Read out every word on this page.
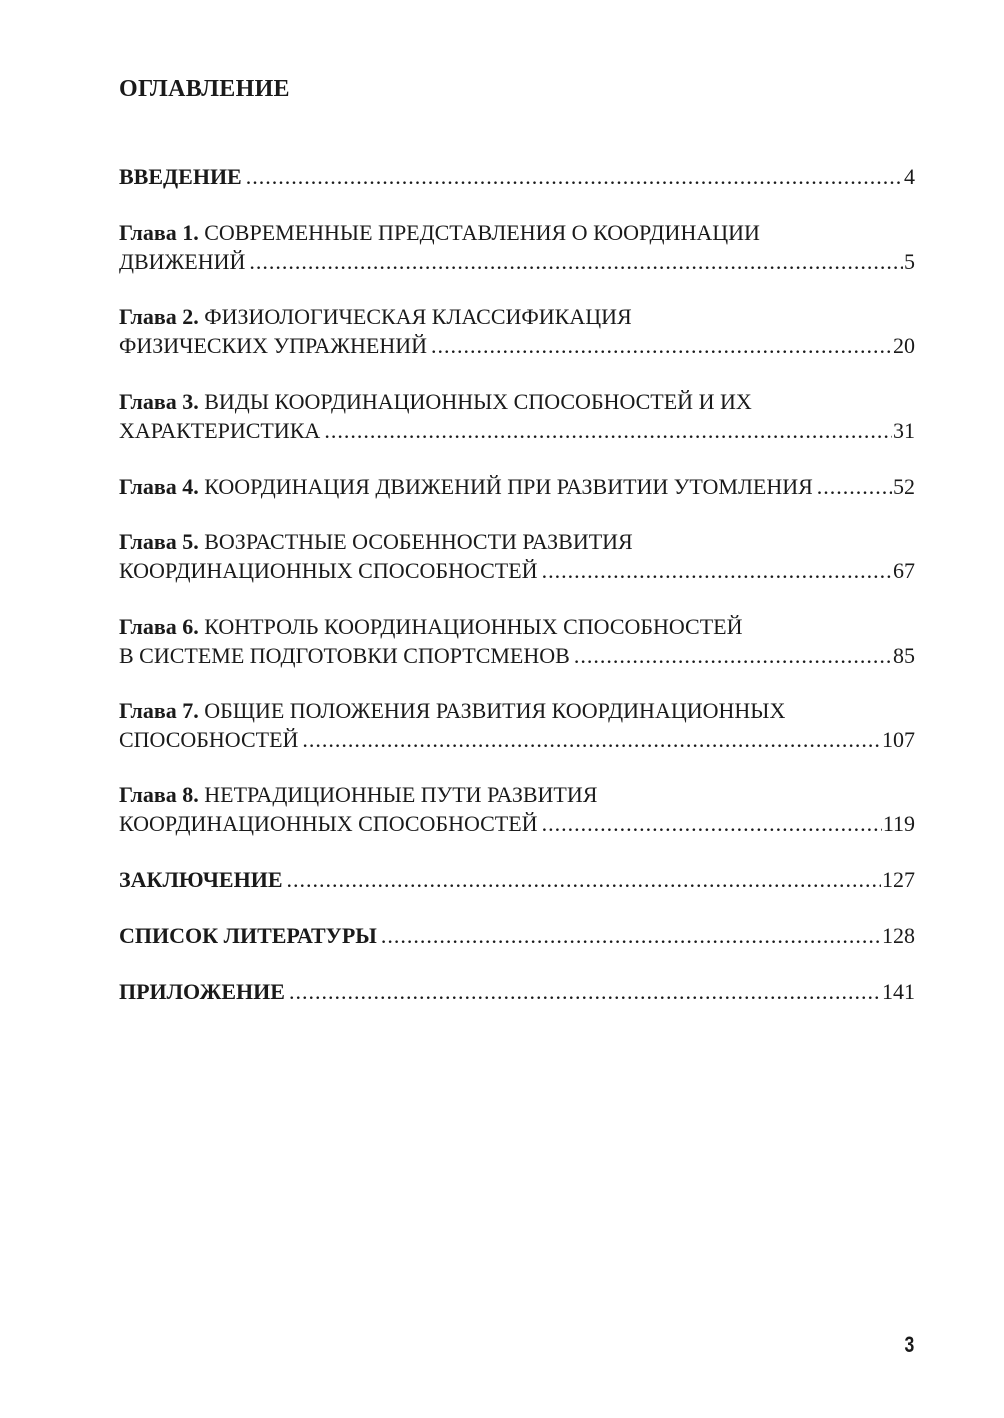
ОГЛАВЛЕНИЕ
ВВЕДЕНИЕ .....	4
Глава 1.
СОВРЕМЕННЫЕ ПРЕДСТАВЛЕНИЯ О КООРДИНАЦИИ
ДВИЖЕНИЙ .....	5
Глава 2.
ФИЗИОЛОГИЧЕСКАЯ КЛАССИФИКАЦИЯ
ФИЗИЧЕСКИХ УПРАЖНЕНИЙ .....	20
Глава 3.
ВИДЫ КООРДИНАЦИОННЫХ СПОСОБНОСТЕЙ И ИХ
ХАРАКТЕРИСТИКА .....	31
Глава 4.
КООРДИНАЦИЯ ДВИЖЕНИЙ ПРИ РАЗВИТИИ УТОМЛЕНИЯ .....	52
Глава 5.
ВОЗРАСТНЫЕ ОСОБЕННОСТИ РАЗВИТИЯ
КООРДИНАЦИОННЫХ СПОСОБНОСТЕЙ .....	67
Глава 6.
КОНТРОЛЬ КООРДИНАЦИОННЫХ СПОСОБНОСТЕЙ
В СИСТЕМЕ ПОДГОТОВКИ СПОРТСМЕНОВ .....	85
Глава 7.
ОБЩИЕ ПОЛОЖЕНИЯ РАЗВИТИЯ КООРДИНАЦИОННЫХ
СПОСОБНОСТЕЙ .....	107
Глава 8.
НЕТРАДИЦИОННЫЕ ПУТИ РАЗВИТИЯ
КООРДИНАЦИОННЫХ СПОСОБНОСТЕЙ .....	119
ЗАКЛЮЧЕНИЕ .....	127
СПИСОК ЛИТЕРАТУРЫ .....	128
ПРИЛОЖЕНИЕ .....	141
3
